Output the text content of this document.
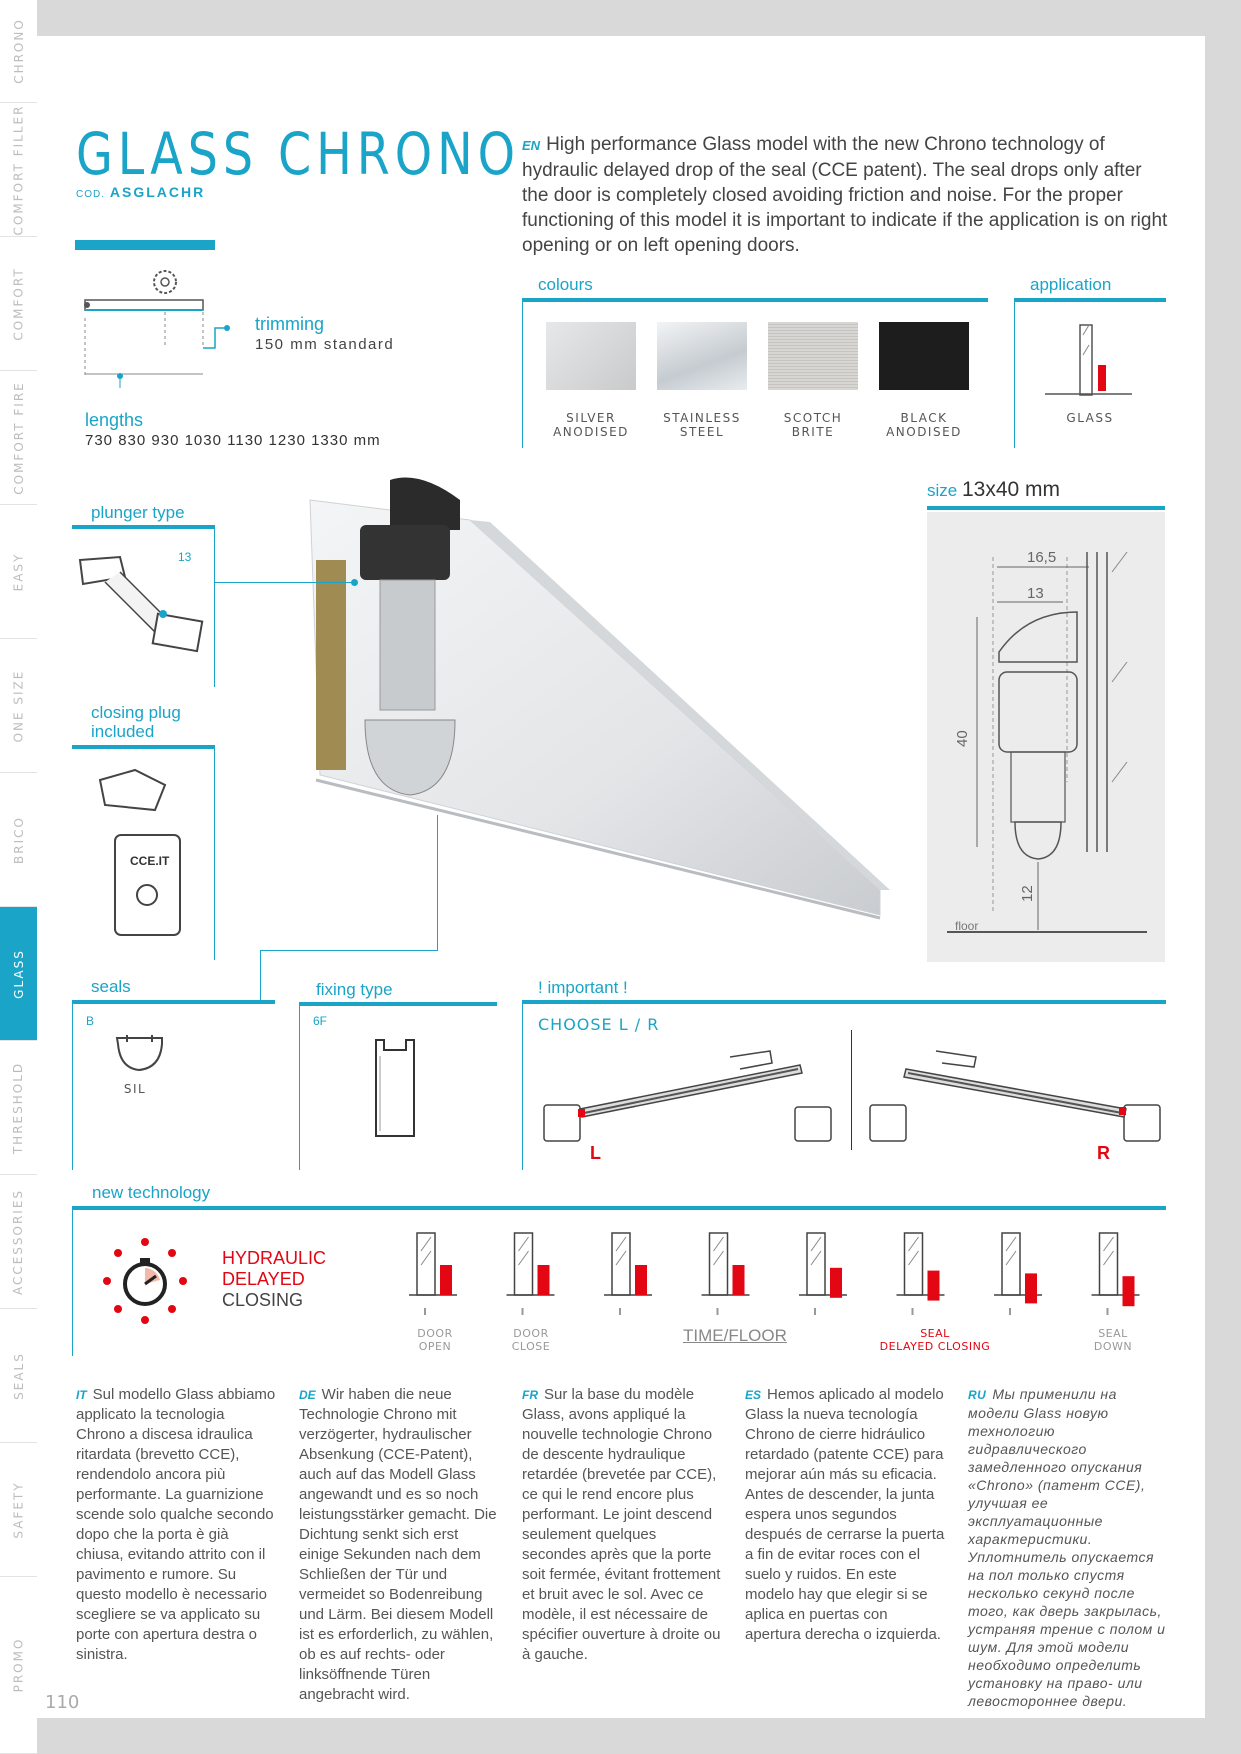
CHRONO
COMFORT FILLER
COMFORT
COMFORT FIRE
EASY
ONE SIZE
BRICO
GLASS
THRESHOLD
ACCESSORIES
SEALS
SAFETY
PROMO
GLASS CHRONO
COD. ASGLACHR
EN High performance Glass model with the new Chrono technology of hydraulic delayed drop of the seal (CCE patent). The seal drops only after the door is completely closed avoiding friction and noise. For the proper functioning of this model it is important to indicate if the application is on right opening or on left opening doors.
trimming
150 mm standard
lengths
730 830 930 1030 1130 1230 1330 mm
colours
SILVER
ANODISED
STAINLESS
STEEL
SCOTCH
BRITE
BLACK
ANODISED
application
GLASS
size 13x40 mm
16,5
13
40
12
floor
plunger type
13
closing plug
included
CCE.IT
seals
B
SIL
fixing type
6F
! important !
CHOOSE L / R
L	R
new technology
HYDRAULIC
DELAYED
CLOSING
DOOR
OPEN
DOOR
CLOSE
TIME/FLOOR	SEAL
DELAYED CLOSING
SEAL
DOWN
IT Sul modello Glass abbiamo applicato la tecnologia Chrono a discesa idraulica ritardata (brevetto CCE), rendendolo ancora più performante. La guarnizione scende solo qualche secondo dopo che la porta è già chiusa, evitando attrito con il pavimento e rumore. Su questo modello è necessario scegliere se va applicato su porte con apertura destra o sinistra.
DE Wir haben die neue Technologie Chrono mit verzögerter, hydraulischer Absenkung (CCE-Patent), auch auf das Modell Glass angewandt und es so noch leistungsstärker gemacht. Die Dichtung senkt sich erst einige Sekunden nach dem Schließen der Tür und vermeidet so Bodenreibung und Lärm. Bei diesem Modell ist es erforderlich, zu wählen, ob es auf rechts- oder linksöffnende Türen angebracht wird.
FR Sur la base du modèle Glass, avons appliqué la nouvelle technologie Chrono de descente hydraulique retardée (brevetée par CCE), ce qui le rend encore plus performant. Le joint descend seulement quelques secondes après que la porte soit fermée, évitant frottement et bruit avec le sol. Avec ce modèle, il est nécessaire de spécifier ouverture à droite ou à gauche.
ES Hemos aplicado al modelo Glass la nueva tecnología Chrono de cierre hidráulico retardado (patente CCE) para mejorar aún más su eficacia. Antes de descender, la junta espera unos segundos después de cerrarse la puerta a fin de evitar roces con el suelo y ruidos. En este modelo hay que elegir si se aplica en puertas con apertura derecha o izquierda.
RU Мы применили на модели Glass новую технологию гидравлического замедленного опускания «Chrono» (патент CCE), улучшая ее эксплуатационные характеристики. Уплотнитель опускается на пол только спустя несколько секунд после того, как дверь закрылась, устраняя трение с полом и шум. Для этой модели необходимо определить установку на право- или левостороннее двери.
110
